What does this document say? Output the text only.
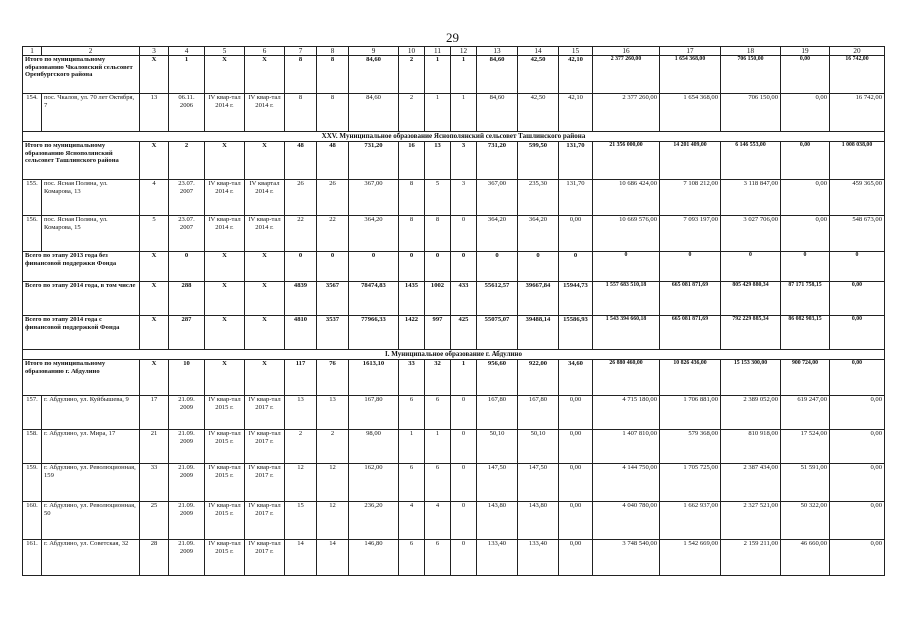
29
1	2	3	4	5	6	7	8	9	10	11	12	13	14	15	16	17	18	19	20	
Итого по муниципальному образованию Чкаловский сельсовет Оренбургского района		X	1	X	X	8	8	84,60	2	1	1	84,60	42,50	42,10	2 377 260,00	1 654 368,00	706 150,00	0,00	16 742,00	
154.	пос. Чкалов, ул. 70 лет Октября, 7	13	06.11. 2006	IV квар-тал 2014 г.	IV квар-тал 2014 г.	8	8	84,60	2	1	1	84,60	42,50	42,10	2 377 260,00	1 654 368,00	706 150,00	0,00	16 742,00	
XXV. Муниципальное образование Яснополянский сельсовет Ташлинского района																				
Итого по муниципальному образованию Яснополянский сельсовет Ташлинского района		X	2	X	X	48	48	731,20	16	13	3	731,20	599,50	131,70	21 356 000,00	14 201 409,00	6 146 553,00	0,00	1 008 038,00	
155.	пос. Ясная Поляна, ул. Комарова, 13	4	23.07. 2007	IV квар-тал 2014 г.	IV квартал 2014 г.	26	26	367,00	8	5	3	367,00	235,30	131,70	10 686 424,00	7 108 212,00	3 118 847,00	0,00	459 365,00	
156.	пос. Ясная Поляна, ул. Комарова, 15	5	23.07. 2007	IV квар-тал 2014 г.	IV квар-тал 2014 г.	22	22	364,20	8	8	0	364,20	364,20	0,00	10 669 576,00	7 093 197,00	3 027 706,00	0,00	548 673,00	
Всего по этапу 2013 года без финансовой поддержки Фонда		X	0	X	X	0	0	0	0	0	0	0	0	0	0	0	0	0	0	
Всего по этапу 2014 года, в том числе		X	288	X	X	4839	3567	78474,83	1435	1002	433	55612,57	39667,84	15944,73	1 557 683 510,18	665 081 871,69	805 429 880,34	87 171 758,15	0,00	
Всего по этапу 2014 года с финансовой поддержкой Фонда		X	287	X	X	4810	3537	77966,33	1422	997	425	55075,07	39488,14	15586,93	1 543 394 660,18	665 081 871,69	792 229 885,34	86 082 903,15	0,00	
I. Муниципальное образование г. Абдулино																				
Итого по муниципальному образованию г. Абдулино		X	10	X	X	117	76	1613,10	33	32	1	956,60	922,00	34,60	26 880 460,00	10 826 436,00	15 153 300,00	900 724,00	0,00	
157.	г. Абдулино, ул. Куйбышева, 9	17	21.09. 2009	IV квар-тал 2015 г.	IV квар-тал 2017 г.	13	13	167,80	6	6	0	167,80	167,80	0,00	4 715 180,00	1 706 881,00	2 389 052,00	619 247,00	0,00	
158.	г. Абдулино, ул. Мира, 17	21	21.09. 2009	IV квар-тал 2015 г.	IV квар-тал 2017 г.	2	2	98,00	1	1	0	50,10	50,10	0,00	1 407 810,00	579 368,00	810 918,00	17 524,00	0,00	
159.	г. Абдулино, ул. Революционная, 159	33	21.09. 2009	IV квар-тал 2015 г.	IV квар-тал 2017 г.	12	12	162,00	6	6	0	147,50	147,50	0,00	4 144 750,00	1 705 725,00	2 387 434,00	51 591,00	0,00	
160.	г. Абдулино, ул. Революционная, 50	25	21.09. 2009	IV квар-тал 2015 г.	IV квар-тал 2017 г.	15	12	236,20	4	4	0	143,80	143,80	0,00	4 040 780,00	1 662 937,00	2 327 521,00	50 322,00	0,00	
161.	г. Абдулино, ул. Советская, 32	28	21.09. 2009	IV квар-тал 2015 г.	IV квар-тал 2017 г.	14	14	146,80	6	6	0	133,40	133,40	0,00	3 748 540,00	1 542 669,00	2 159 211,00	46 660,00	0,00	
